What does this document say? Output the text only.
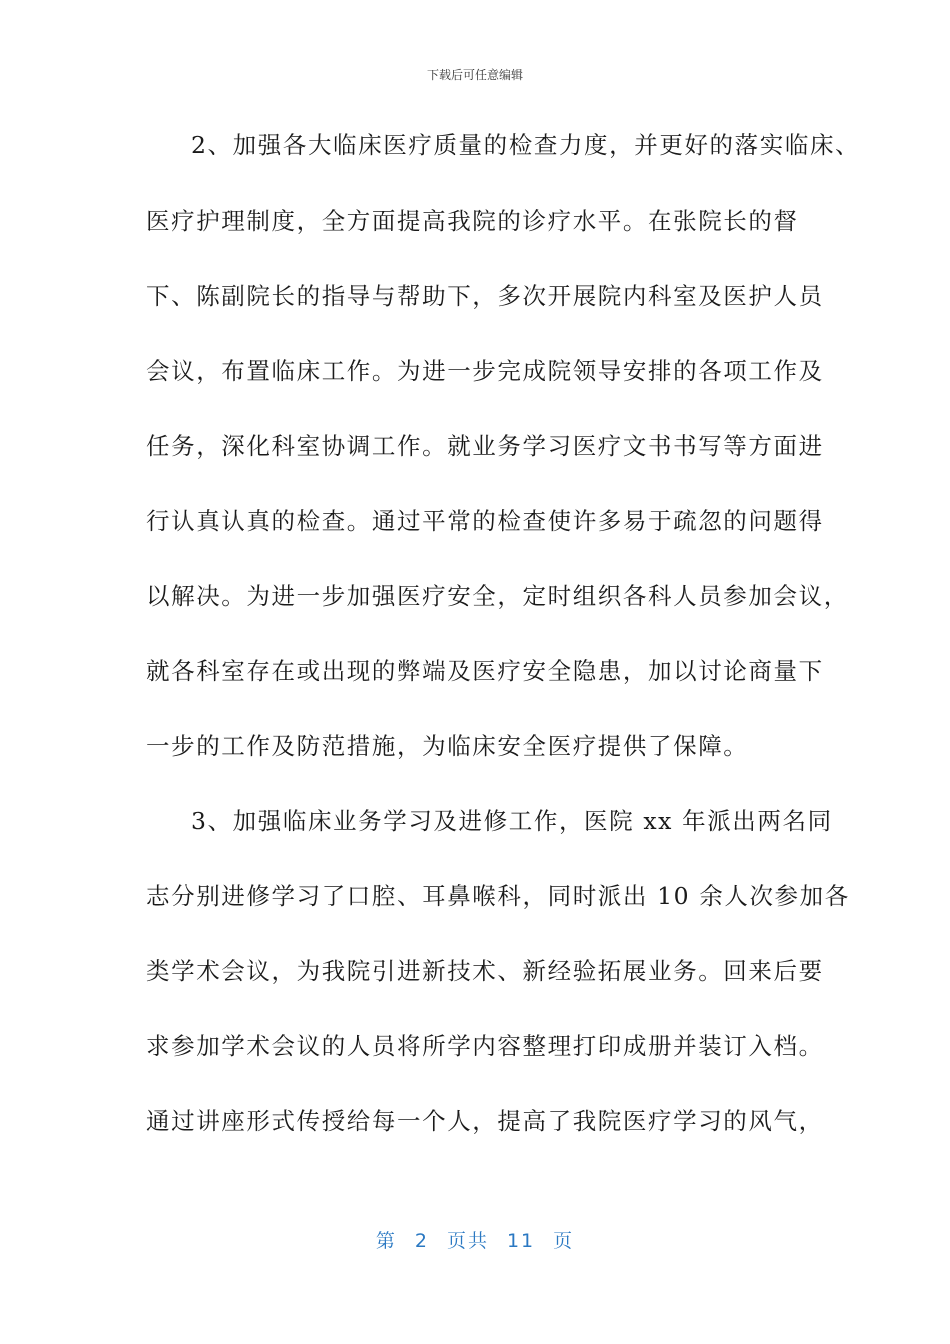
下载后可任意编辑

2、加强各大临床医疗质量的检查力度，并更好的落实临床、

医疗护理制度，全方面提高我院的诊疗水平。在张院长的督

下、陈副院长的指导与帮助下，多次开展院内科室及医护人员

会议，布置临床工作。为进一步完成院领导安排的各项工作及

任务，深化科室协调工作。就业务学习医疗文书书写等方面进

行认真认真的检查。通过平常的检查使许多易于疏忽的问题得

以解决。为进一步加强医疗安全，定时组织各科人员参加会议，

就各科室存在或出现的弊端及医疗安全隐患，加以讨论商量下

一步的工作及防范措施，为临床安全医疗提供了保障。

3、加强临床业务学习及进修工作，医院 xx 年派出两名同

志分别进修学习了口腔、耳鼻喉科，同时派出 10 余人次参加各

类学术会议，为我院引进新技术、新经验拓展业务。回来后要

求参加学术会议的人员将所学内容整理打印成册并装订入档。

通过讲座形式传授给每一个人，提高了我院医疗学习的风气，

第 2 页共 11 页
